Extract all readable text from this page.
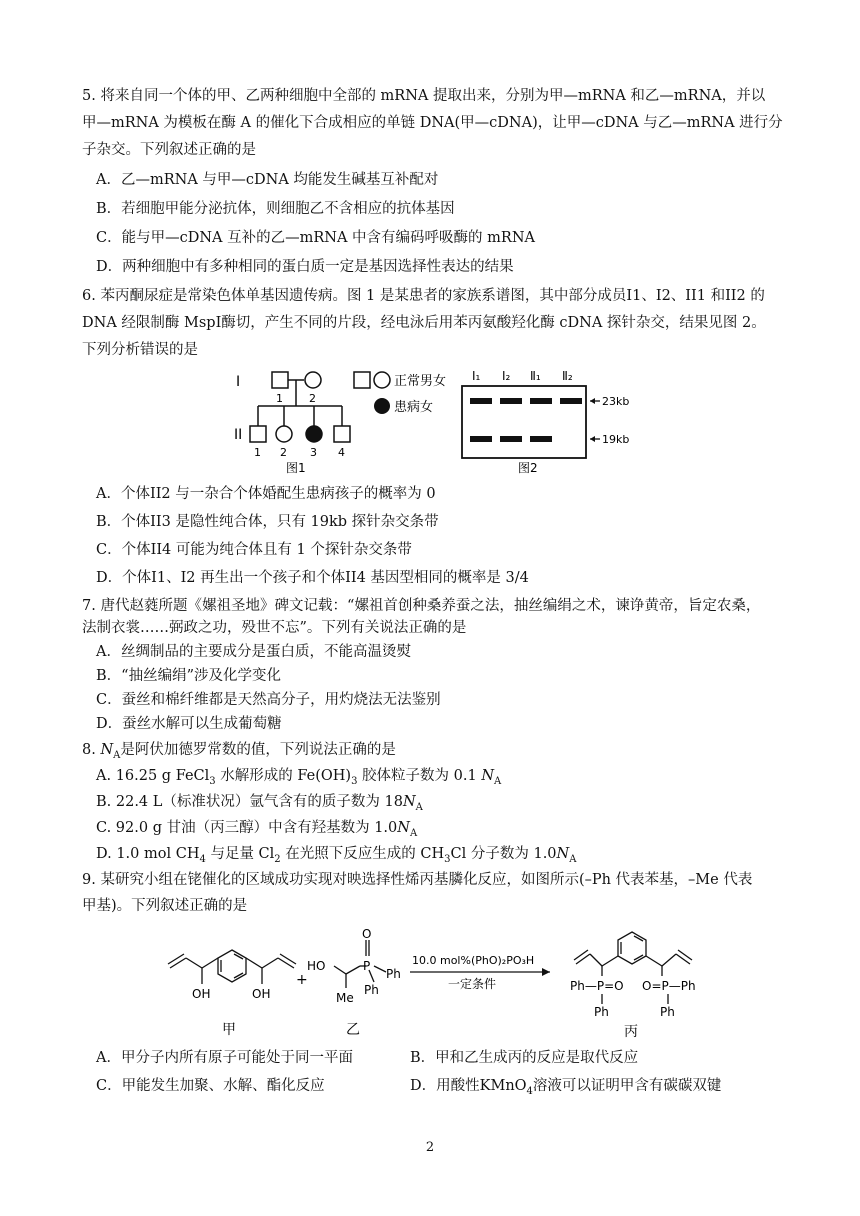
5. 将来自同一个体的甲、乙两种细胞中全部的 mRNA 提取出来，分别为甲—mRNA 和乙—mRNA，并以
甲—mRNA 为模板在酶 A 的催化下合成相应的单链 DNA(甲—cDNA)，让甲—cDNA 与乙—mRNA 进行分
子杂交。下列叙述正确的是
A．乙—mRNA 与甲—cDNA 均能发生碱基互补配对
B．若细胞甲能分泌抗体，则细胞乙不含相应的抗体基因
C．能与甲—cDNA 互补的乙—mRNA 中含有编码呼吸酶的 mRNA
D．两种细胞中有多种相同的蛋白质一定是基因选择性表达的结果
6. 苯丙酮尿症是常染色体单基因遗传病。图 1 是某患者的家族系谱图，其中部分成员I1、I2、II1 和II2 的
DNA 经限制酶 MspI酶切，产生不同的片段，经电泳后用苯丙氨酸羟化酶 cDNA 探针杂交，结果见图 2。
下列分析错误的是
I
1 2
II
1 2 3 4
图1
正常男女
患病女
I₁ I₂ Ⅱ₁ Ⅱ₂
23kb
19kb
图2
A．个体II2 与一杂合个体婚配生患病孩子的概率为 0
B．个体II3 是隐性纯合体，只有 19kb 探针杂交条带
C．个体II4 可能为纯合体且有 1 个探针杂交条带
D．个体I1、I2 再生出一个孩子和个体II4 基因型相同的概率是 3/4
7. 唐代赵蕤所题《嫘祖圣地》碑文记载：“嫘祖首创种桑养蚕之法，抽丝编绢之术，谏诤黄帝，旨定农桑，
法制衣裳……弼政之功，殁世不忘”。下列有关说法正确的是
A．丝绸制品的主要成分是蛋白质，不能高温烫熨
B．“抽丝编绢”涉及化学变化
C．蚕丝和棉纤维都是天然高分子，用灼烧法无法鉴别
D．蚕丝水解可以生成葡萄糖
8. $N_A$是阿伏加德罗常数的值，下列说法正确的是
A. 16.25 g FeCl$_3$ 水解形成的 $Fe(OH)_3$ 胶体粒子数为 0.1 $N_A$
B. 22.4 L（标准状况）氩气含有的质子数为 $18N_A$
C. 92.0 g 甘油（丙三醇）中含有羟基数为 $1.0N_A$
D. 1.0 mol $CH_4$ 与足量 $Cl_2$ 在光照下反应生成的 $CH_3Cl$ 分子数为 $1.0N_A$
9. 某研究小组在铑催化的区域成功实现对映选择性烯丙基膦化反应，如图所示(–Ph 代表苯基，–Me 代表
甲基)。下列叙述正确的是
OH	OH
甲
+
O
HO	P
Ph
Ph
Me
乙
10.0 mol%(PhO)₂PO₃H
一定条件	Ph—P=O O=P—Ph
Ph	Ph
丙
A．甲分子内所有原子可能处于同一平面	B．甲和乙生成丙的反应是取代反应
C．甲能发生加聚、水解、酯化反应	D．用酸性KMnO$_4$溶液可以证明甲含有碳碳双键
2
